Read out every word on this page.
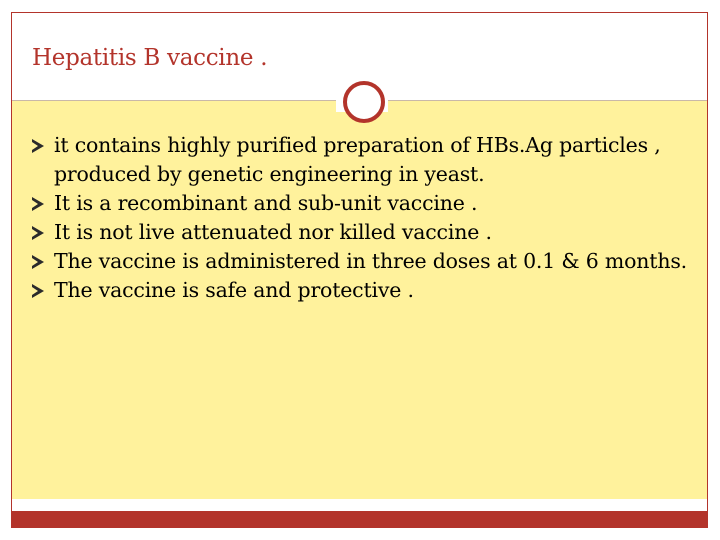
Hepatitis B vaccine .
it contains highly purified preparation of HBs.Ag particles , produced by genetic engineering in yeast.
It is a recombinant and sub-unit vaccine .
It is not live attenuated nor killed vaccine .
The vaccine is administered in three doses at 0.1 & 6 months.
The vaccine is safe and protective .
